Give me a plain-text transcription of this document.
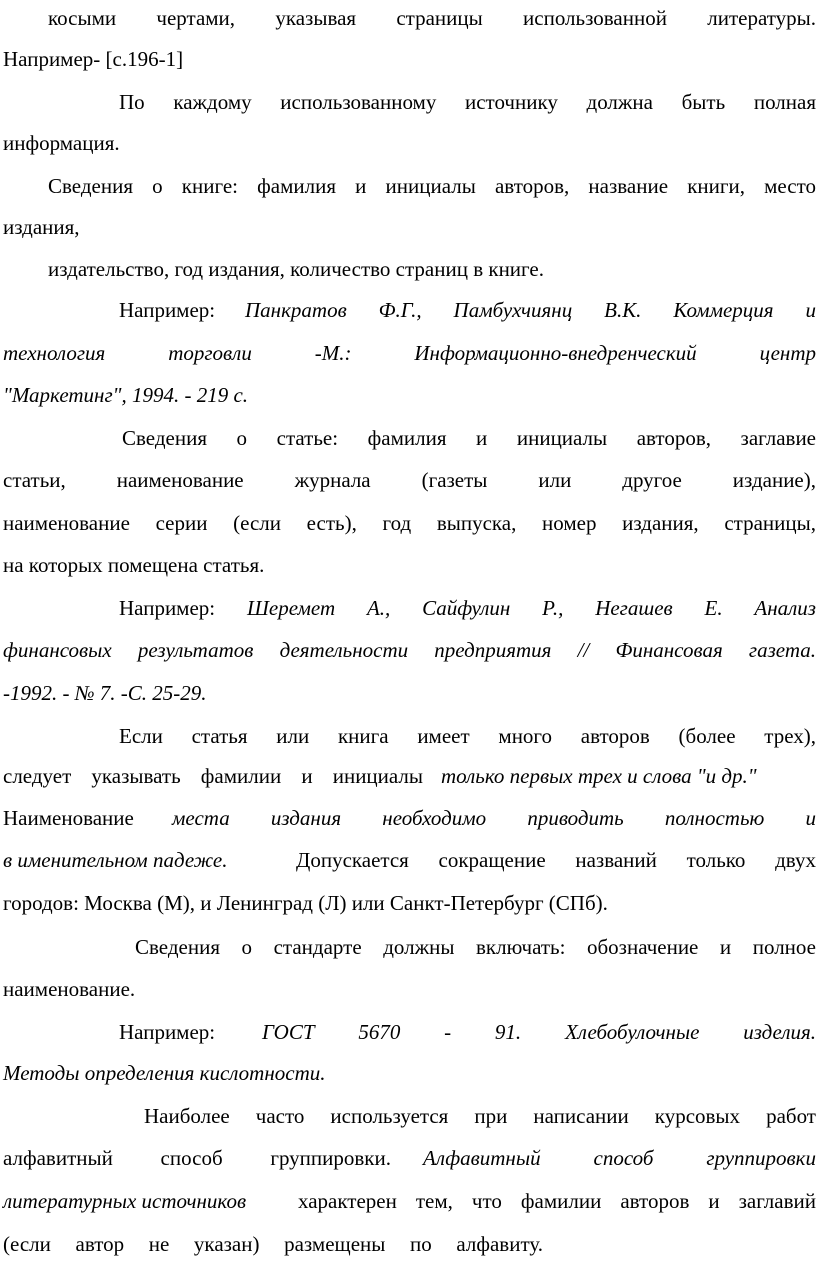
косыми чертами, указывая страницы использованной литературы.
Например- [с.196-1]
По каждому использованному источнику должна быть полная
информация.
Сведения о книге: фамилия и инициалы авторов, название книги, место
издания,
издательство, год издания, количество страниц в книге.
Например:	Панкратов Ф.Г., Памбухчиянц В.К. Коммерция и
технология торговли -М.: Информационно-внедренческий центр
"Маркетинг", 1994. - 219 с.
Сведения о статье: фамилия и инициалы авторов, заглавие
статьи, наименование журнала (газеты или другое издание),
наименование серии (если есть), год выпуска, номер издания, страницы,
на которых помещена статья.
Например:	Шеремет А., Сайфулин Р., Негашев Е. Анализ
финансовых результатов деятельности предприятия // Финансовая газета.
-1992. - № 7. -С. 25-29.
Если статья или книга имеет много авторов (более трех),
следует указывать фамилии и инициалы только первых трех и слова "и др."
Наименование	места издания необходимо приводить полностью и
в именительном падеже.	Допускается сокращение названий только двух
городов: Москва (М), и Ленинград (Л) или Санкт-Петербург (СПб).
Сведения о стандарте должны включать: обозначение и полное
наименование.
Например:	ГОСТ 5670 - 91. Хлебобулочные изделия.
Методы определения кислотности.
Наиболее часто используется при написании курсовых работ
алфавитный способ группировки. Алфавитный способ группировки
литературных источников	характерен тем, что фамилии авторов и заглавий
(если автор не указан) размещены по алфавиту.
